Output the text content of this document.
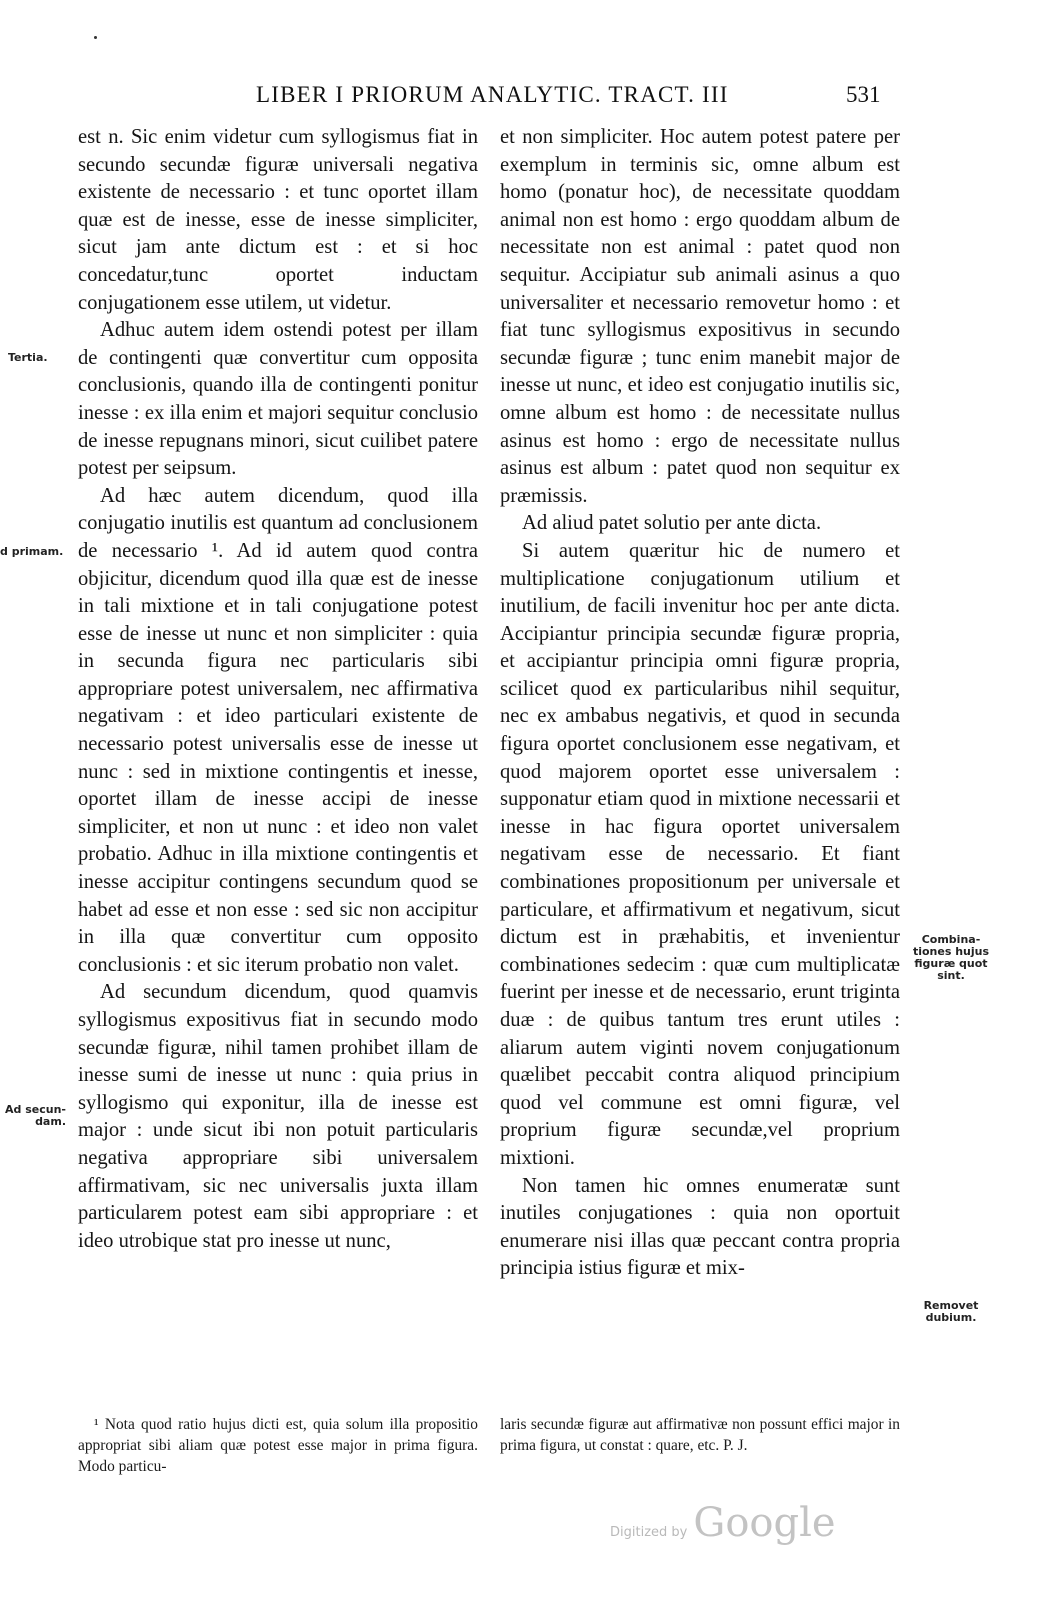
LIBER I PRIORUM ANALYTIC. TRACT. III	531

est n. Sic enim videtur cum syllogismus fiat in secundo secundæ figuræ universali negativa existente de necessario : et tunc oportet illam quæ est de inesse, esse de inesse simpliciter, sicut jam ante dictum est : et si hoc concedatur,tunc oportet inductam conjugationem esse utilem, ut videtur.

Adhuc autem idem ostendi potest per illam de contingenti quæ convertitur cum opposita conclusionis, quando illa de contingenti ponitur inesse : ex illa enim et majori sequitur conclusio de inesse repugnans minori, sicut cuilibet patere potest per seipsum.

Ad hæc autem dicendum, quod illa conjugatio inutilis est quantum ad conclusionem de necessario ¹. Ad id autem quod contra objicitur, dicendum quod illa quæ est de inesse in tali mixtione et in tali conjugatione potest esse de inesse ut nunc et non simpliciter : quia in secunda figura nec particularis sibi appropriare potest universalem, nec affirmativa negativam : et ideo particulari existente de necessario potest universalis esse de inesse ut nunc : sed in mixtione contingentis et inesse, oportet illam de inesse accipi de inesse simpliciter, et non ut nunc : et ideo non valet probatio. Adhuc in illa mixtione contingentis et inesse accipitur contingens secundum quod se habet ad esse et non esse : sed sic non accipitur in illa quæ convertitur cum opposito conclusionis : et sic iterum probatio non valet.

Ad secundum dicendum, quod quamvis syllogismus expositivus fiat in secundo modo secundæ figuræ, nihil tamen prohibet illam de inesse sumi de inesse ut nunc : quia prius in syllogismo qui exponitur, illa de inesse est major : unde sicut ibi non potuit particularis negativa appropriare sibi universalem affirmativam, sic nec universalis juxta illam particularem potest eam sibi appropriare : et ideo utrobique stat pro inesse ut nunc,

et non simpliciter. Hoc autem potest patere per exemplum in terminis sic, omne album est homo (ponatur hoc), de necessitate quoddam animal non est homo : ergo quoddam album de necessitate non est animal : patet quod non sequitur. Accipiatur sub animali asinus a quo universaliter et necessario removetur homo : et fiat tunc syllogismus expositivus in secundo secundæ figuræ ; tunc enim manebit major de inesse ut nunc, et ideo est conjugatio inutilis sic, omne album est homo : de necessitate nullus asinus est homo : ergo de necessitate nullus asinus est album : patet quod non sequitur ex præmissis.

Ad aliud patet solutio per ante dicta.

Si autem quæritur hic de numero et multiplicatione conjugationum utilium et inutilium, de facili invenitur hoc per ante dicta. Accipiantur principia secundæ figuræ propria, et accipiantur principia omni figuræ propria, scilicet quod ex particularibus nihil sequitur, nec ex ambabus negativis, et quod in secunda figura oportet conclusionem esse negativam, et quod majorem oportet esse universalem : supponatur etiam quod in mixtione necessarii et inesse in hac figura oportet universalem negativam esse de necessario. Et fiant combinationes propositionum per universale et particulare, et affirmativum et negativum, sicut dictum est in præhabitis, et invenientur combinationes sedecim : quæ cum multiplicatæ fuerint per inesse et de necessario, erunt triginta duæ : de quibus tantum tres erunt utiles : aliarum autem viginti novem conjugationum quælibet peccabit contra aliquod principium quod vel commune est omni figuræ, vel proprium figuræ secundæ,vel proprium mixtioni.

Non tamen hic omnes enumeratæ sunt inutiles conjugationes : quia non oportuit enumerare nisi illas quæ peccant contra propria principia istius figuræ et mix-

¹ Nota quod ratio hujus dicti est, quia solum illa propositio appropriat sibi aliam quæ potest esse major in prima figura. Modo particu-

laris secundæ figuræ aut affirmativæ non possunt effici major in prima figura, ut constat : quare, etc. P. J.

Tertia.
d primam.
Ad secun-
dam.
Combina-
tiones hujus
figuræ quot
sint.
Removet
dubium.
Digitized by Google
